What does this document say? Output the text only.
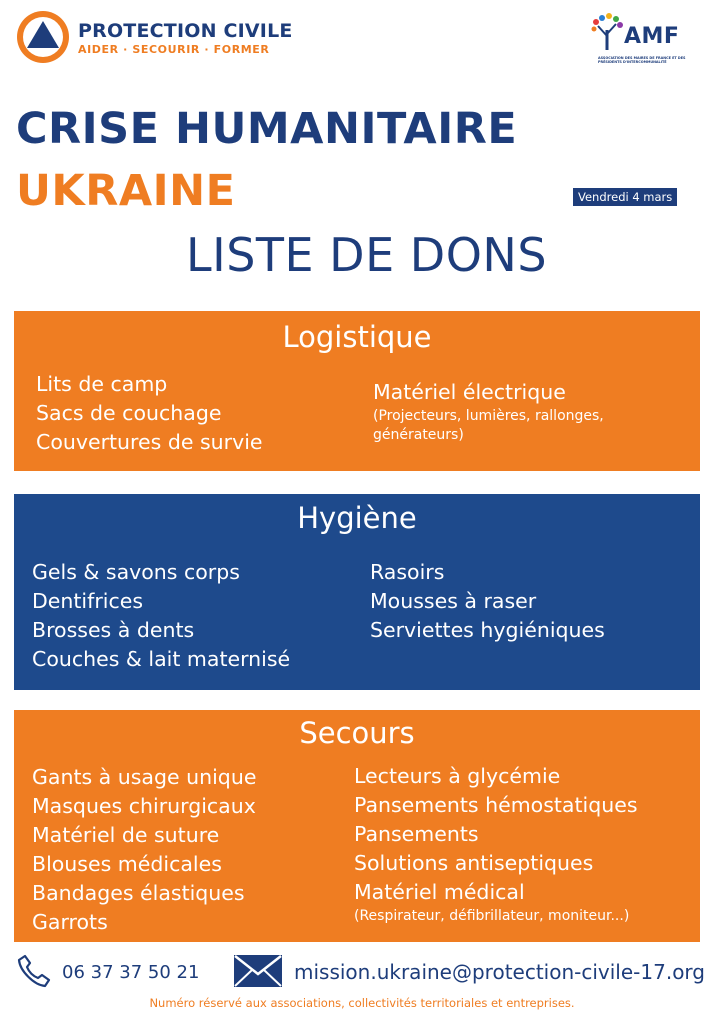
PROTECTION CIVILE
AIDER · SECOURIR · FORMER
AMF
ASSOCIATION DES MAIRES DE FRANCE ET DES PRÉSIDENTS D'INTERCOMMUNALITÉ
CRISE HUMANITAIRE
UKRAINE	Vendredi 4 mars
LISTE DE DONS
Logistique
Lits de camp
Sacs de couchage
Couvertures de survie
Matériel électrique
(Projecteurs, lumières, rallonges, générateurs)
Hygiène
Gels & savons corps
Dentifrices
Brosses à dents
Couches & lait maternisé
Rasoirs
Mousses à raser
Serviettes hygiéniques
Secours
Gants à usage unique
Masques chirurgicaux
Matériel de suture
Blouses médicales
Bandages élastiques
Garrots
Lecteurs à glycémie
Pansements hémostatiques
Pansements
Solutions antiseptiques
Matériel médical
(Respirateur, défibrillateur, moniteur...)
06 37 37 50 21	mission.ukraine@protection-civile-17.org
Numéro réservé aux associations, collectivités territoriales et entreprises.
